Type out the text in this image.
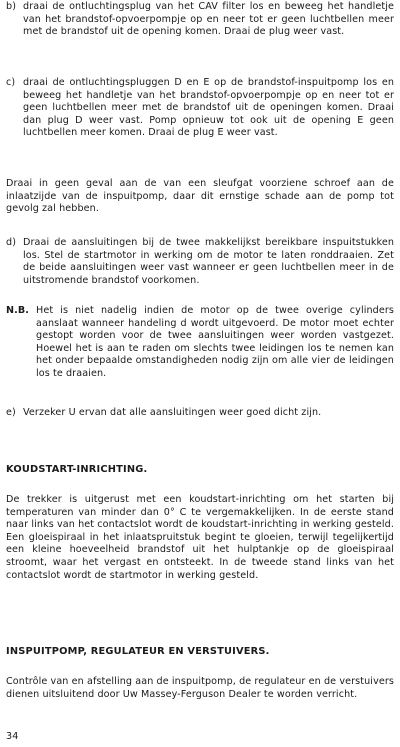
b) draai de ontluchtingsplug van het CAV filter los en beweeg het handletje van het brandstof-opvoerpompje op en neer tot er geen luchtbellen meer met de brandstof uit de opening komen. Draai de plug weer vast.
c) draai de ontluchtingspluggen D en E op de brandstof-inspuitpomp los en beweeg het handletje van het brandstof-opvoerpompje op en neer tot er geen luchtbellen meer met de brandstof uit de openingen komen. Draai dan plug D weer vast. Pomp opnieuw tot ook uit de opening E geen luchtbellen meer komen. Draai de plug E weer vast.
Draai in geen geval aan de van een sleufgat voorziene schroef aan de inlaatzijde van de inspuitpomp, daar dit ernstige schade aan de pomp tot gevolg zal hebben.
d) Draai de aansluitingen bij de twee makkelijkst bereikbare inspuitstukken los. Stel de startmotor in werking om de motor te laten ronddraaien. Zet de beide aansluitingen weer vast wanneer er geen luchtbellen meer in de uitstromende brandstof voorkomen.
N.B. Het is niet nadelig indien de motor op de twee overige cylinders aanslaat wanneer handeling d wordt uitgevoerd. De motor moet echter gestopt worden voor de twee aansluitingen weer worden vastgezet. Hoewel het is aan te raden om slechts twee leidingen los te nemen kan het onder bepaalde omstandigheden nodig zijn om alle vier de leidingen los te draaien.
e) Verzeker U ervan dat alle aansluitingen weer goed dicht zijn.
KOUDSTART-INRICHTING.
De trekker is uitgerust met een koudstart-inrichting om het starten bij temperaturen van minder dan 0° C te vergemakkelijken. In de eerste stand naar links van het contactslot wordt de koudstart-inrichting in werking gesteld. Een gloeispiraal in het inlaatspruitstuk begint te gloeien, terwijl tegelijkertijd een kleine hoeveelheid brandstof uit het hulptankje op de gloeispiraal stroomt, waar het vergast en ontsteekt. In de tweede stand links van het contactslot wordt de startmotor in werking gesteld.
INSPUITPOMP, REGULATEUR EN VERSTUIVERS.
Contrôle van en afstelling aan de inspuitpomp, de regulateur en de verstuivers dienen uitsluitend door Uw Massey-Ferguson Dealer te worden verricht.
34
